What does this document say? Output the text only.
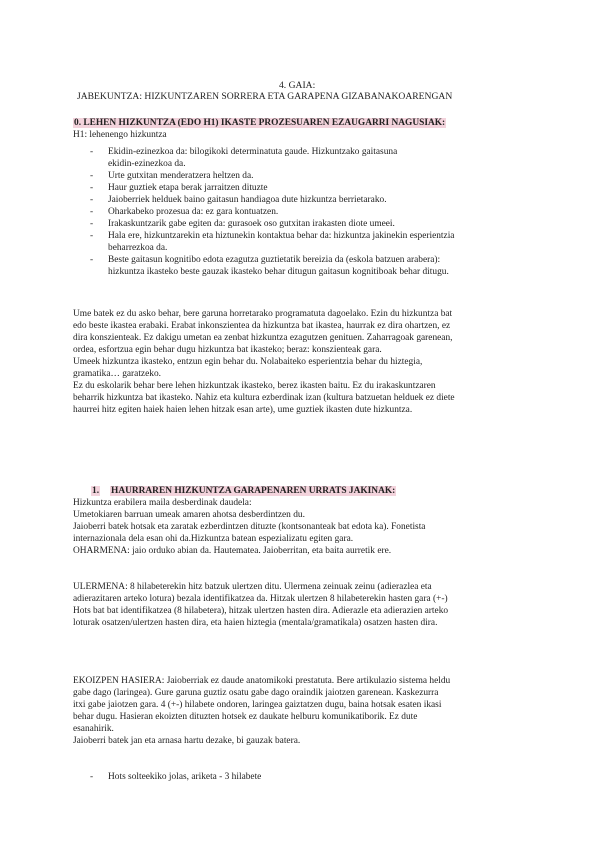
4. GAIA:
JABEKUNTZA: HIZKUNTZAREN SORRERA ETA GARAPENA GIZABANAKOARENGAN
0. LEHEN HIZKUNTZA (EDO H1) IKASTE PROZESUAREN EZAUGARRI NAGUSIAK:
H1: lehenengo hizkuntza
- Ekidin-ezinezkoa da: bilogikoki determinatuta gaude. Hizkuntzako gaitasuna
ekidin-ezinezkoa da.
- Urte gutxitan menderatzera heltzen da.
- Haur guztiek etapa berak jarraitzen dituzte
- Jaioberriek helduek baino gaitasun handiagoa dute hizkuntza berrietarako.
- Oharkabeko prozesua da: ez gara kontuatzen.
- Irakaskuntzarik gabe egiten da: gurasoek oso gutxitan irakasten diote umeei.
- Hala ere, hizkuntzarekin eta hiztunekin kontaktua behar da: hizkuntza jakinekin esperientzia
beharrezkoa da.
- Beste gaitasun kognitibo edota ezagutza guztietatik bereizia da (eskola batzuen arabera):
hizkuntza ikasteko beste gauzak ikasteko behar ditugun gaitasun kognitiboak behar ditugu.
Ume batek ez du asko behar, bere garuna horretarako programatuta dagoelako. Ezin du hizkuntza bat
edo beste ikastea erabaki. Erabat inkonszientea da hizkuntza bat ikastea, haurrak ez dira ohartzen, ez
dira konszienteak. Ez dakigu umetan ea zenbat hizkuntza ezagutzen genituen. Zaharragoak garenean,
ordea, esfortzua egin behar dugu hizkuntza bat ikasteko; beraz: konszienteak gara.
Umeek hizkuntza ikasteko, entzun egin behar du. Nolabaiteko esperientzia behar du hiztegia,
gramatika… garatzeko.
Ez du eskolarik behar bere lehen hizkuntzak ikasteko, berez ikasten baitu. Ez du irakaskuntzaren
beharrik hizkuntza bat ikasteko. Nahiz eta kultura ezberdinak izan (kultura batzuetan helduek ez diete
haurrei hitz egiten haiek haien lehen hitzak esan arte), ume guztiek ikasten dute hizkuntza.
1. HAURRAREN HIZKUNTZA GARAPENAREN URRATS JAKINAK:
Hizkuntza erabilera maila desberdinak daudela:
Umetokiaren barruan umeak amaren ahotsa desberdintzen du.
Jaioberri batek hotsak eta zaratak ezberdintzen dituzte (kontsonanteak bat edota ka). Fonetista
internazionala dela esan ohi da.Hizkuntza batean espezializatu egiten gara.
OHARMENA: jaio orduko abian da. Hautematea. Jaioberritan, eta baita aurretik ere.
ULERMENA: 8 hilabeterekin hitz batzuk ulertzen ditu. Ulermena zeinuak zeinu (adierazlea eta
adierazitaren arteko lotura) bezala identifikatzea da. Hitzak ulertzen 8 hilabeterekin hasten gara (+-)
Hots bat bat identifikatzea (8 hilabetera), hitzak ulertzen hasten dira. Adierazle eta adierazien arteko
loturak osatzen/ulertzen hasten dira, eta haien hiztegia (mentala/gramatikala) osatzen hasten dira.
EKOIZPEN HASIERA: Jaioberriak ez daude anatomikoki prestatuta. Bere artikulazio sistema heldu
gabe dago (laringea). Gure garuna guztiz osatu gabe dago oraindik jaiotzen garenean. Kaskezurra
itxi gabe jaiotzen gara. 4 (+-) hilabete ondoren, laringea gaiztatzen dugu, baina hotsak esaten ikasi
behar dugu. Hasieran ekoizten dituzten hotsek ez daukate helburu komunikatiborik. Ez dute
esanahirik.
Jaioberri batek jan eta arnasa hartu dezake, bi gauzak batera.
- Hots solteekiko jolas, ariketa - 3 hilabete
